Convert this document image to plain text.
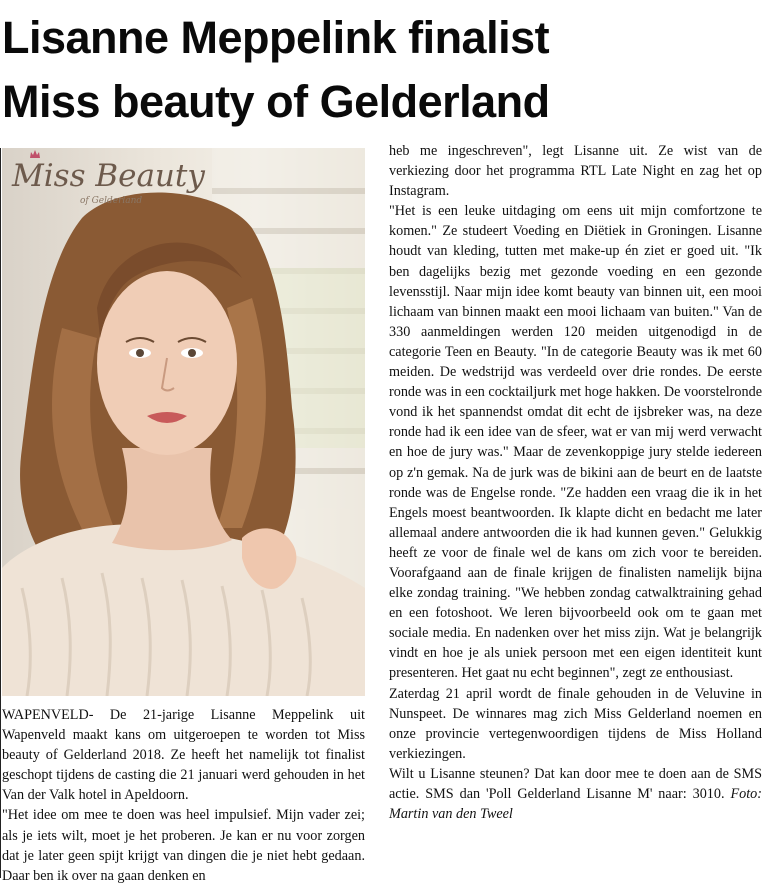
Lisanne Meppelink finalist
Miss beauty of Gelderland
Miss Beauty
of Gelderland

WAPENVELD- De 21-jarige Lisanne Meppelink uit Wapenveld maakt kans om uitgeroepen te worden tot Miss beauty of Gelderland 2018. Ze heeft het namelijk tot finalist geschopt tijdens de casting die 21 januari werd gehouden in het Van der Valk hotel in Apeldoorn.

"Het idee om mee te doen was heel impulsief. Mijn vader zei; als je iets wilt, moet je het proberen. Je kan er nu voor zorgen dat je later geen spijt krijgt van dingen die je niet hebt gedaan. Daar ben ik over na gaan denken en

heb me ingeschreven", legt Lisanne uit. Ze wist van de verkiezing door het programma RTL Late Night en zag het op Instagram.

"Het is een leuke uitdaging om eens uit mijn comfortzone te komen." Ze studeert Voeding en Diëtiek in Groningen. Lisanne houdt van kleding, tutten met make-up én ziet er goed uit. "Ik ben dagelijks bezig met gezonde voeding en een gezonde levensstijl. Naar mijn idee komt beauty van binnen uit, een mooi lichaam van binnen maakt een mooi lichaam van buiten." Van de 330 aanmeldingen werden 120 meiden uitgenodigd in de categorie Teen en Beauty. "In de categorie Beauty was ik met 60 meiden. De wedstrijd was verdeeld over drie rondes. De eerste ronde was in een cocktailjurk met hoge hakken. De voorstelronde vond ik het spannendst omdat dit echt de ijsbreker was, na deze ronde had ik een idee van de sfeer, wat er van mij werd verwacht en hoe de jury was." Maar de zevenkoppige jury stelde iedereen op z'n gemak. Na de jurk was de bikini aan de beurt en de laatste ronde was de Engelse ronde. "Ze hadden een vraag die ik in het Engels moest beantwoorden. Ik klapte dicht en bedacht me later allemaal andere antwoorden die ik had kunnen geven." Gelukkig heeft ze voor de finale wel de kans om zich voor te bereiden. Voorafgaand aan de finale krijgen de finalisten namelijk bijna elke zondag training. "We hebben zondag catwalktraining gehad en een fotoshoot. We leren bijvoorbeeld ook om te gaan met sociale media. En nadenken over het miss zijn. Wat je belangrijk vindt en hoe je als uniek persoon met een eigen identiteit kunt presenteren. Het gaat nu echt beginnen", zegt ze enthousiast.

Zaterdag 21 april wordt de finale gehouden in de Veluvine in Nunspeet. De winnares mag zich Miss Gelderland noemen en onze provincie vertegenwoordigen tijdens de Miss Holland verkiezingen.

Wilt u Lisanne steunen? Dat kan door mee te doen aan de SMS actie. SMS dan 'Poll Gelderland Lisanne M' naar: 3010. Foto: Martin van den Tweel
